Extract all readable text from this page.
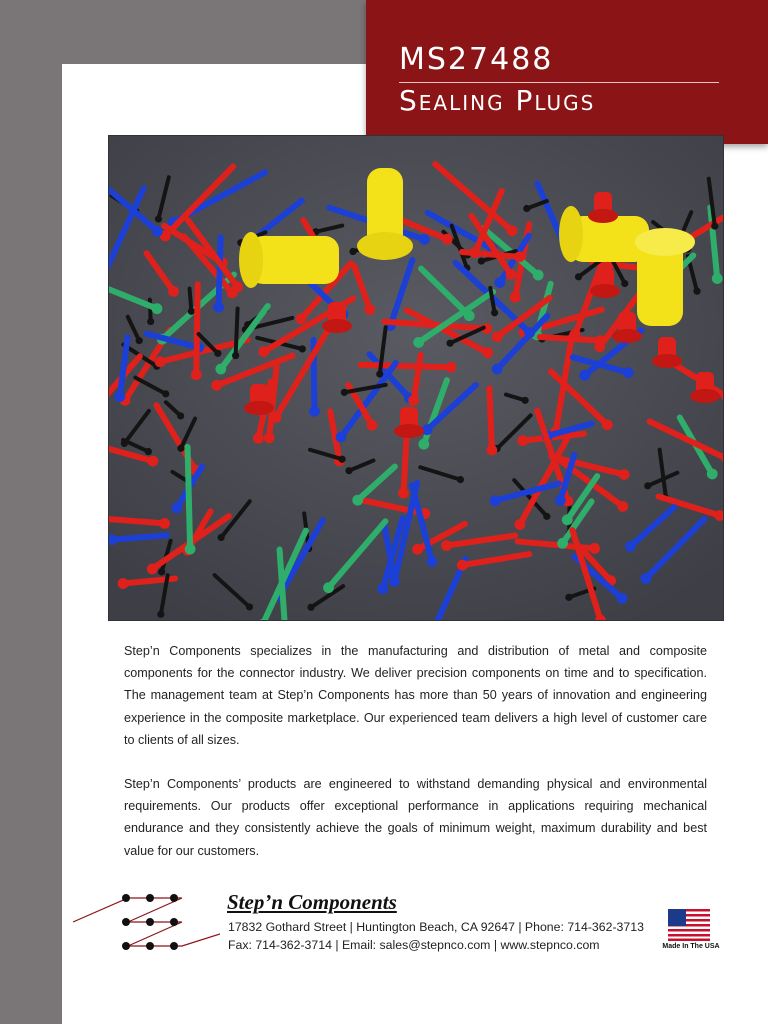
MS27488
Sealing Plugs

Step’n Components specializes in the manufacturing and distribution of metal and composite components for the connector industry. We deliver precision components on time and to specification. The management team at Step’n Components has more than 50 years of innovation and engineering experience in the composite marketplace. Our experienced team delivers a high level of customer care to clients of all sizes.

Step’n Components’ products are engineered to withstand demanding physical and environmental requirements. Our products offer exceptional performance in applications requiring mechanical endurance and they consistently achieve the goals of minimum weight, maximum durability and best value for our customers.

Step’n Components
17832 Gothard Street | Huntington Beach, CA 92647 | Phone: 714-362-3713
Fax: 714-362-3714 | Email: sales@stepnco.com | www.stepnco.com	Made In The USA
